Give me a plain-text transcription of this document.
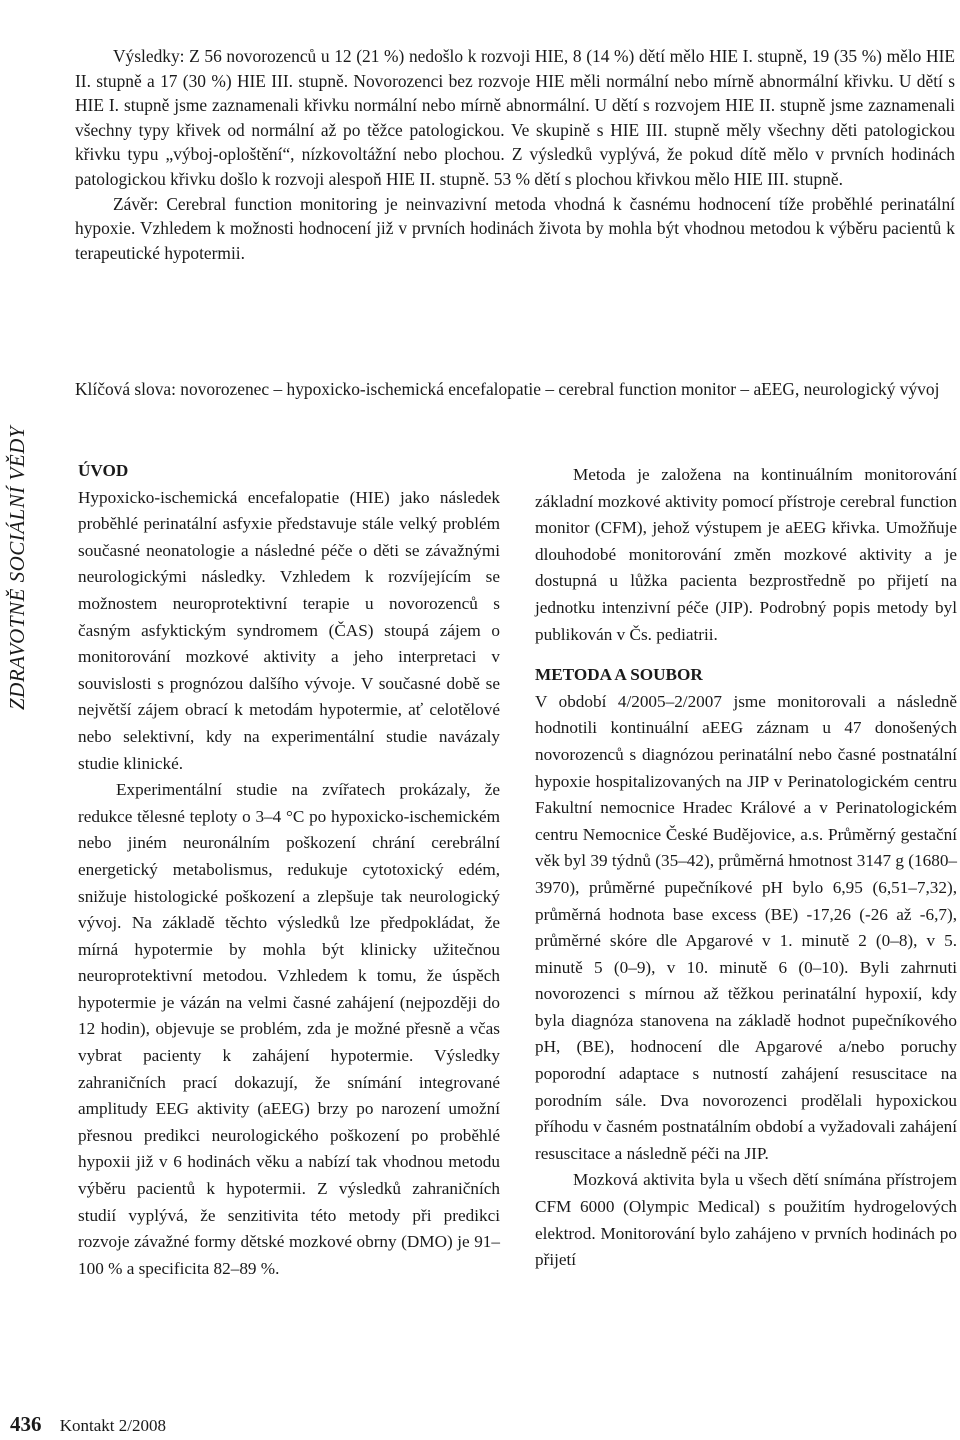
ZDRAVOTNĚ SOCIÁLNÍ VĚDY

Výsledky: Z 56 novorozenců u 12 (21 %) nedošlo k rozvoji HIE, 8 (14 %) dětí mělo HIE I. stupně, 19 (35 %) mělo HIE II. stupně a 17 (30 %) HIE III. stupně. Novorozenci bez rozvoje HIE měli normální nebo mírně abnormální křivku. U dětí s HIE I. stupně jsme zaznamenali křivku normální nebo mírně abnormální. U dětí s rozvojem HIE II. stupně jsme zaznamenali všechny typy křivek od normální až po těžce patologickou. Ve skupině s HIE III. stupně měly všechny děti patologickou křivku typu „výboj-oploštění“, nízkovoltážní nebo plochou. Z výsledků vyplývá, že pokud dítě mělo v prvních hodinách patologickou křivku došlo k rozvoji alespoň HIE II. stupně. 53 % dětí s plochou křivkou mělo HIE III. stupně.

Závěr: Cerebral function monitoring je neinvazivní metoda vhodná k časnému hodnocení tíže proběhlé perinatální hypoxie. Vzhledem k možnosti hodnocení již v prvních hodinách života by mohla být vhodnou metodou k výběru pacientů k terapeutické hypotermii.

Klíčová slova: novorozenec – hypoxicko-ischemická encefalopatie – cerebral function monitor – aEEG, neurologický vývoj

ÚVOD

Hypoxicko-ischemická encefalopatie (HIE) jako následek proběhlé perinatální asfyxie představuje stále velký problém současné neonatologie a následné péče o děti se závažnými neurologickými následky. Vzhledem k rozvíjejícím se možnostem neuroprotektivní terapie u novorozenců s časným asfyktickým syndromem (ČAS) stoupá zájem o monitorování mozkové aktivity a jeho interpretaci v souvislosti s prognózou dalšího vývoje. V současné době se největší zájem obrací k metodám hypotermie, ať celotělové nebo selektivní, kdy na experimentální studie navázaly studie klinické.

Experimentální studie na zvířatech prokázaly, že redukce tělesné teploty o 3–4 °C po hypoxicko-ischemickém nebo jiném neuronálním poškození chrání cerebrální energetický metabolismus, redukuje cytotoxický edém, snižuje histologické poškození a zlepšuje tak neurologický vývoj. Na základě těchto výsledků lze předpokládat, že mírná hypotermie by mohla být klinicky užitečnou neuroprotektivní metodou. Vzhledem k tomu, že úspěch hypotermie je vázán na velmi časné zahájení (nejpozději do 12 hodin), objevuje se problém, zda je možné přesně a včas vybrat pacienty k zahájení hypotermie. Výsledky zahraničních prací dokazují, že snímání integrované amplitudy EEG aktivity (aEEG) brzy po narození umožní přesnou predikci neurologického poškození po proběhlé hypoxii již v 6 hodinách věku a nabízí tak vhodnou metodu výběru pacientů k hypotermii. Z výsledků zahraničních studií vyplývá, že senzitivita této metody při predikci rozvoje závažné formy dětské mozkové obrny (DMO) je 91–100 % a specificita 82–89 %.

Metoda je založena na kontinuálním monitorování základní mozkové aktivity pomocí přístroje cerebral function monitor (CFM), jehož výstupem je aEEG křivka. Umožňuje dlouhodobé monitorování změn mozkové aktivity a je dostupná u lůžka pacienta bezprostředně po přijetí na jednotku intenzivní péče (JIP). Podrobný popis metody byl publikován v Čs. pediatrii.

METODA A SOUBOR

V období 4/2005–2/2007 jsme monitorovali a následně hodnotili kontinuální aEEG záznam u 47 donošených novorozenců s diagnózou perinatální nebo časné postnatální hypoxie hospitalizovaných na JIP v Perinatologickém centru Fakultní nemocnice Hradec Králové a v Perinatologickém centru Nemocnice České Budějovice, a.s. Průměrný gestační věk byl 39 týdnů (35–42), průměrná hmotnost 3147 g (1680–3970), průměrné pupečníkové pH bylo 6,95 (6,51–7,32), průměrná hodnota base excess (BE) -17,26 (-26 až -6,7), průměrné skóre dle Apgarové v 1. minutě 2 (0–8), v 5. minutě 5 (0–9), v 10. minutě 6 (0–10). Byli zahrnuti novorozenci s mírnou až těžkou perinatální hypoxií, kdy byla diagnóza stanovena na základě hodnot pupečníkového pH, (BE), hodnocení dle Apgarové a/nebo poruchy poporodní adaptace s nutností zahájení resuscitace na porodním sále. Dva novorozenci prodělali hypoxickou příhodu v časném postnatálním období a vyžadovali zahájení resuscitace a následně péči na JIP.

Mozková aktivita byla u všech dětí snímána přístrojem CFM 6000 (Olympic Medical) s použitím hydrogelových elektrod. Monitorování bylo zahájeno v prvních hodinách po přijetí

436 Kontakt 2/2008
